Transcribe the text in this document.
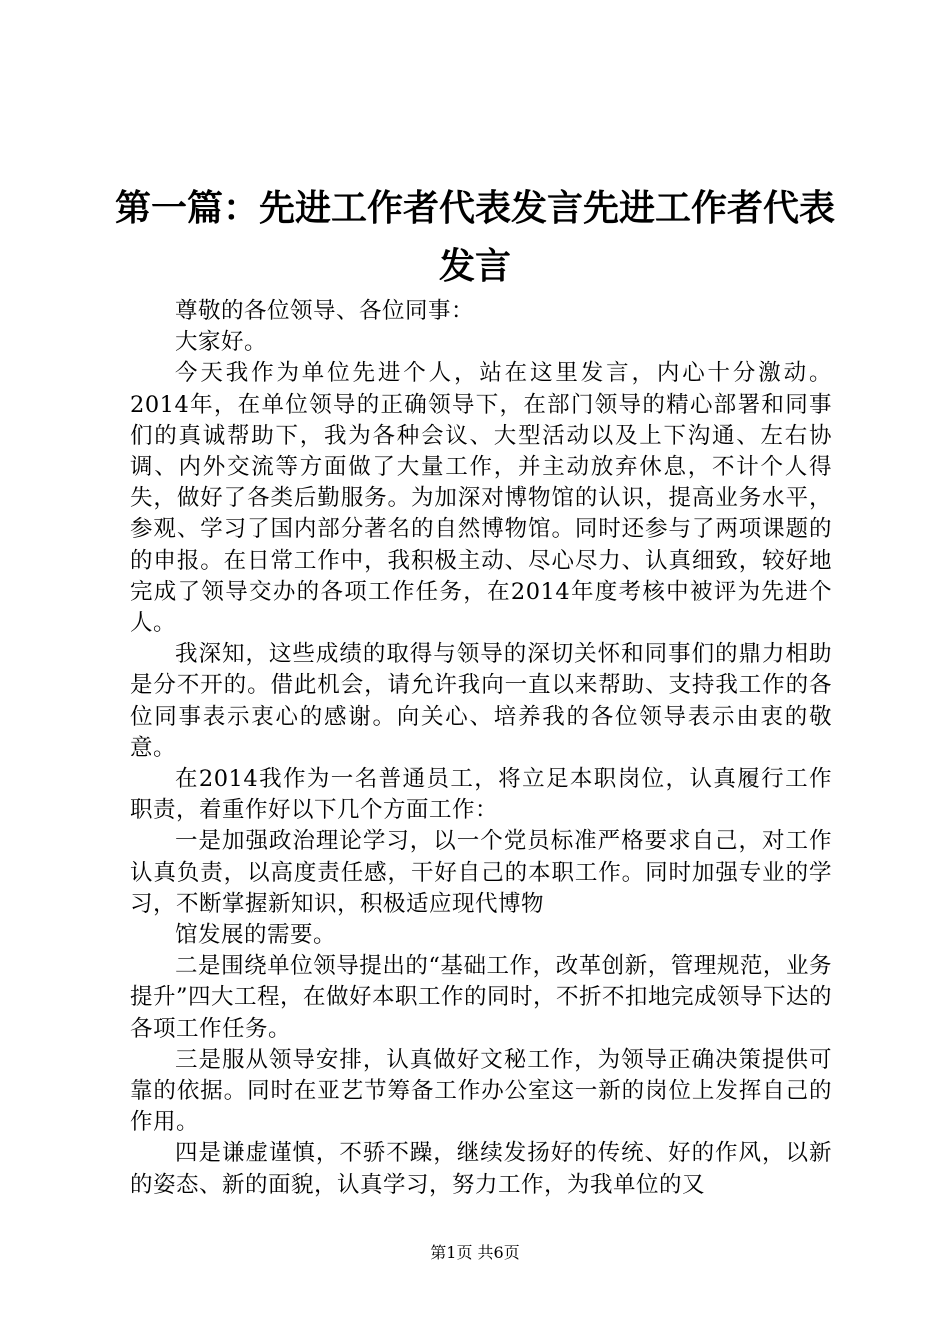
第一篇：先进工作者代表发言先进工作者代表发言

尊敬的各位领导、各位同事：

大家好。

今天我作为单位先进个人，站在这里发言，内心十分激动。2014年，在单位领导的正确领导下，在部门领导的精心部署和同事们的真诚帮助下，我为各种会议、大型活动以及上下沟通、左右协调、内外交流等方面做了大量工作，并主动放弃休息，不计个人得失，做好了各类后勤服务。为加深对博物馆的认识，提高业务水平，参观、学习了国内部分著名的自然博物馆。同时还参与了两项课题的的申报。在日常工作中，我积极主动、尽心尽力、认真细致，较好地完成了领导交办的各项工作任务，在2014年度考核中被评为先进个人。

我深知，这些成绩的取得与领导的深切关怀和同事们的鼎力相助是分不开的。借此机会，请允许我向一直以来帮助、支持我工作的各位同事表示衷心的感谢。向关心、培养我的各位领导表示由衷的敬意。

在2014我作为一名普通员工，将立足本职岗位，认真履行工作职责，着重作好以下几个方面工作：

一是加强政治理论学习，以一个党员标准严格要求自己，对工作认真负责，以高度责任感，干好自己的本职工作。同时加强专业的学习，不断掌握新知识，积极适应现代博物

馆发展的需要。

二是围绕单位领导提出的“基础工作，改革创新，管理规范，业务提升”四大工程，在做好本职工作的同时，不折不扣地完成领导下达的各项工作任务。

三是服从领导安排，认真做好文秘工作，为领导正确决策提供可靠的依据。同时在亚艺节筹备工作办公室这一新的岗位上发挥自己的作用。

四是谦虚谨慎，不骄不躁，继续发扬好的传统、好的作风，以新的姿态、新的面貌，认真学习，努力工作，为我单位的又

第1页 共6页
